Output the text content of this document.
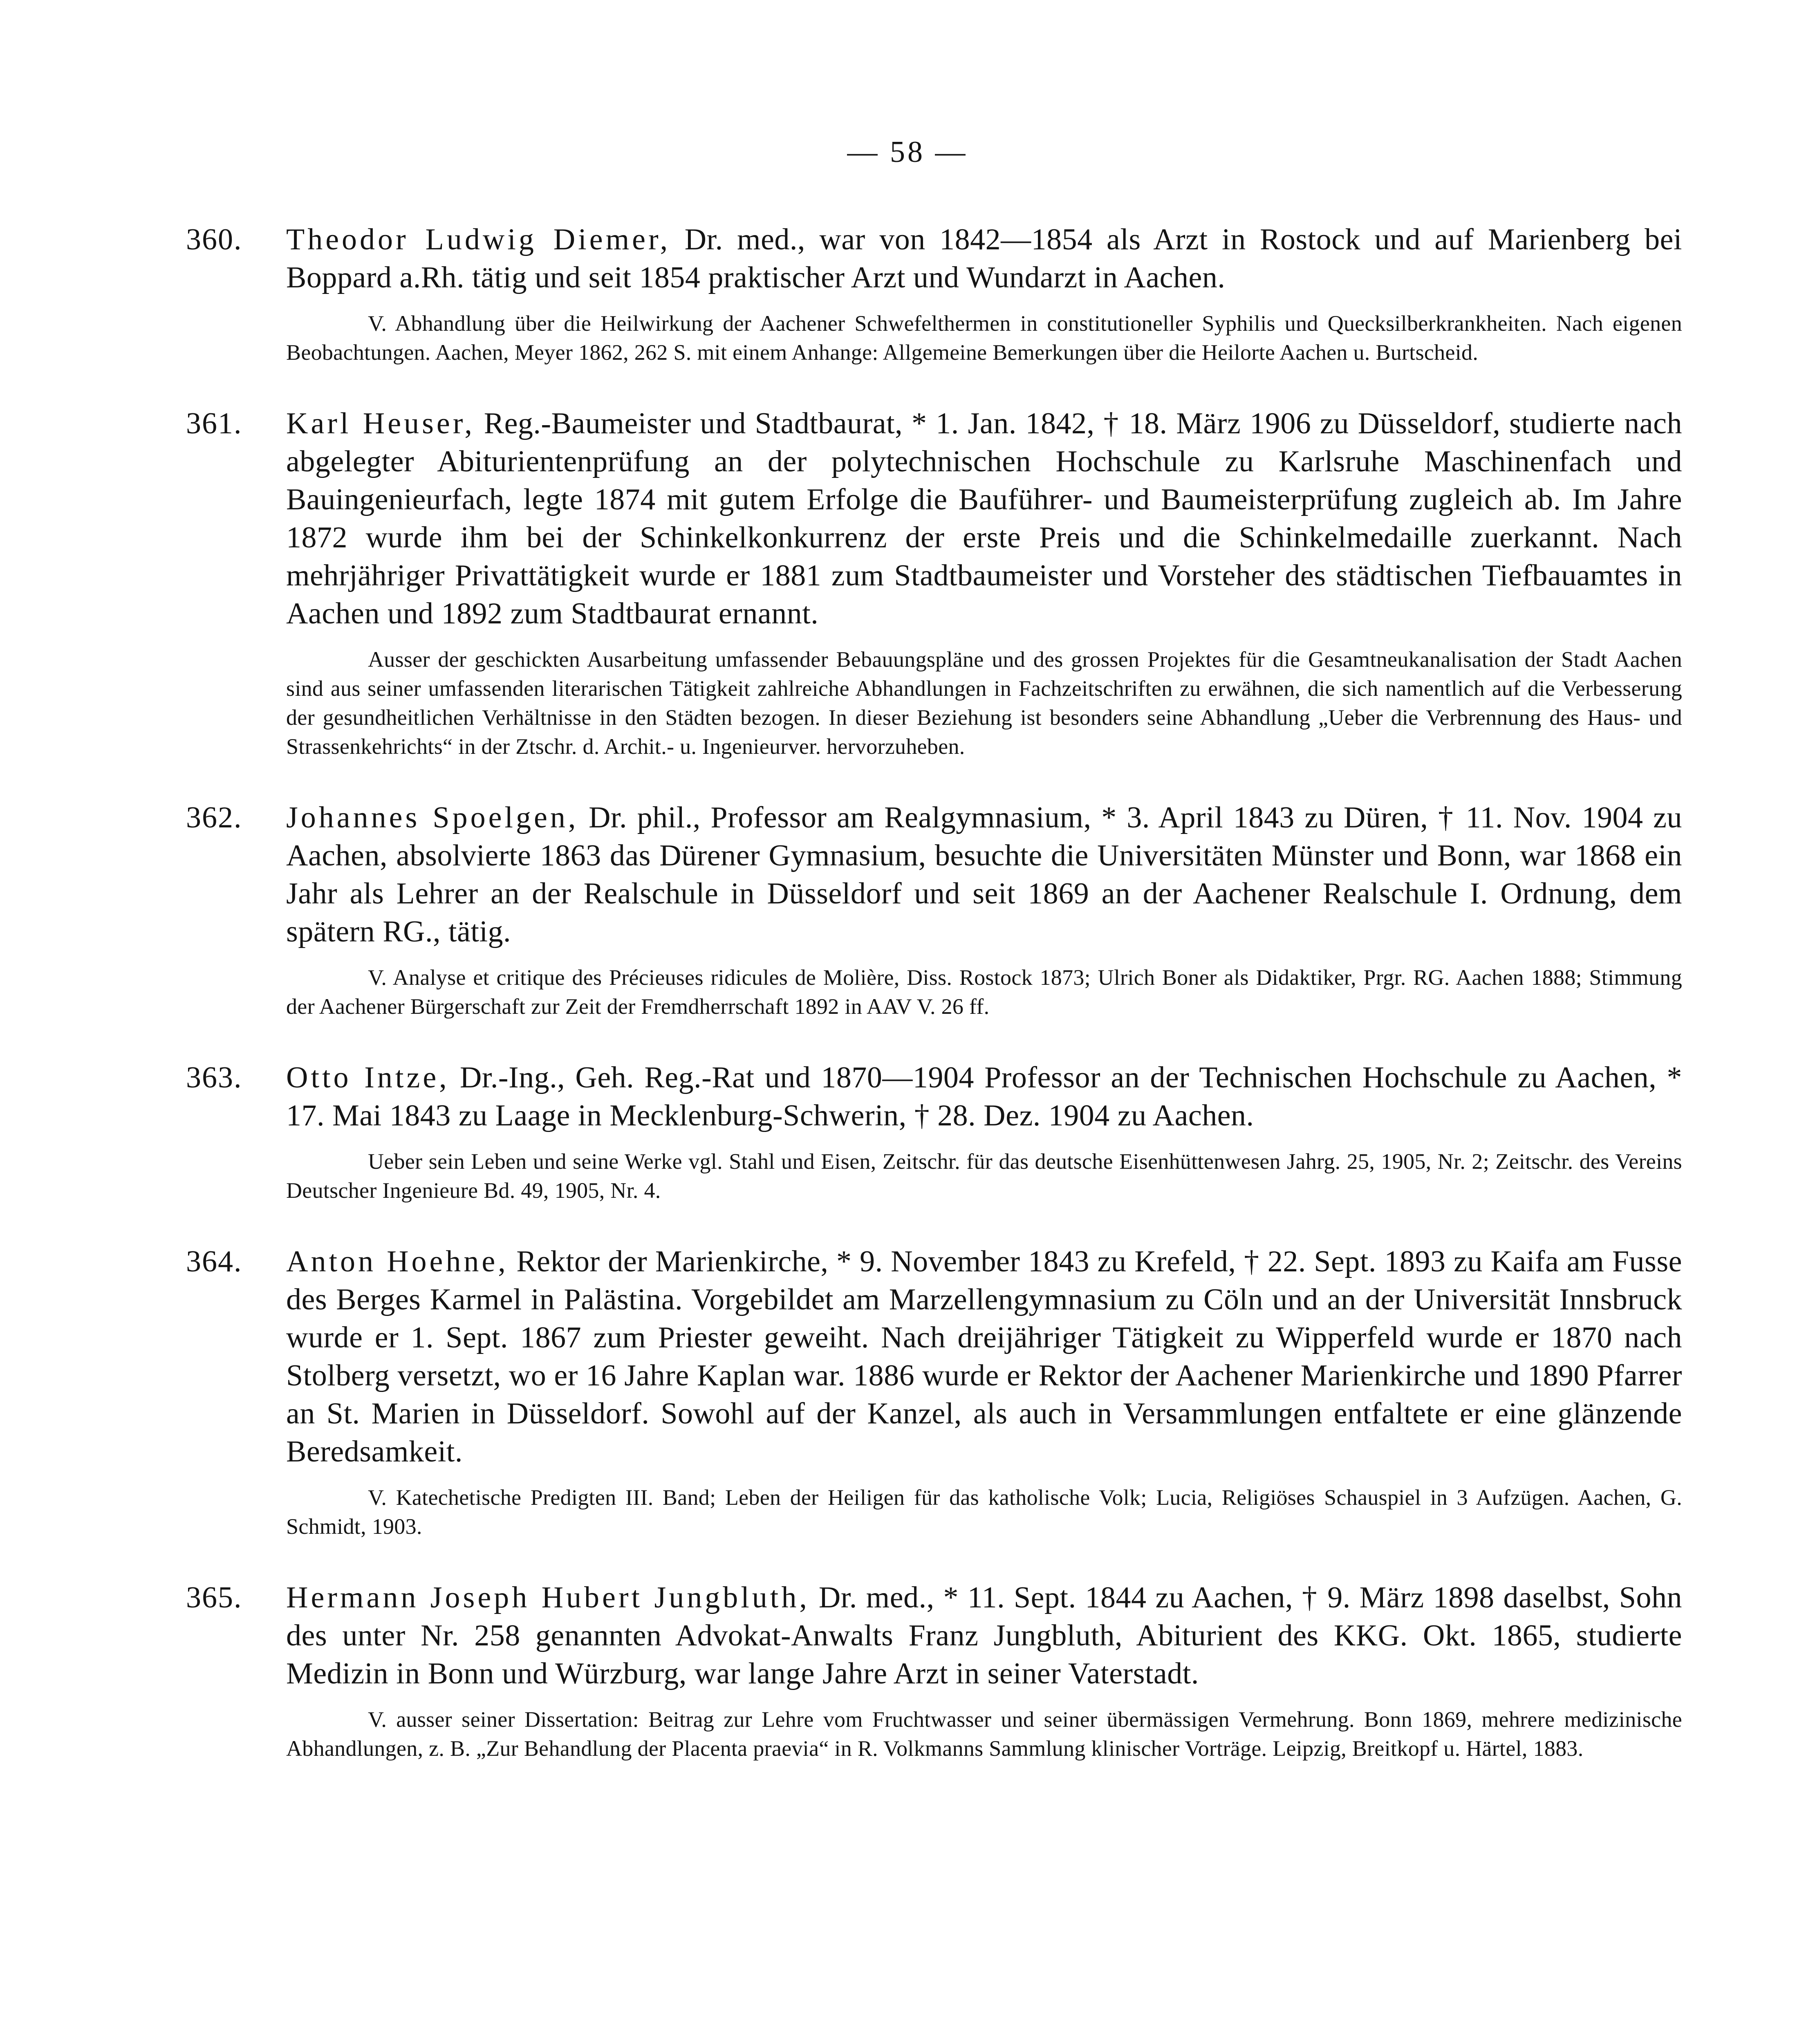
— 58 —
360.	Theodor Ludwig Diemer, Dr. med., war von 1842—1854 als Arzt in Rostock und auf Marienberg bei Boppard a.Rh. tätig und seit 1854 praktischer Arzt und Wundarzt in Aachen.

V. Abhandlung über die Heilwirkung der Aachener Schwefelthermen in constitutioneller Syphilis und Quecksilberkrankheiten. Nach eigenen Beobachtungen. Aachen, Meyer 1862, 262 S. mit einem Anhange: Allgemeine Bemerkungen über die Heilorte Aachen u. Burtscheid.

361.	Karl Heuser, Reg.-Baumeister und Stadtbaurat, * 1. Jan. 1842, † 18. März 1906 zu Düsseldorf, studierte nach abgelegter Abiturientenprüfung an der polytechnischen Hochschule zu Karlsruhe Maschinenfach und Bauingenieurfach, legte 1874 mit gutem Erfolge die Bauführer- und Baumeisterprüfung zugleich ab. Im Jahre 1872 wurde ihm bei der Schinkelkonkurrenz der erste Preis und die Schinkelmedaille zuerkannt. Nach mehrjähriger Privattätigkeit wurde er 1881 zum Stadtbaumeister und Vorsteher des städtischen Tiefbauamtes in Aachen und 1892 zum Stadtbaurat ernannt.

Ausser der geschickten Ausarbeitung umfassender Bebauungspläne und des grossen Projektes für die Gesamtneukanalisation der Stadt Aachen sind aus seiner umfassenden literarischen Tätigkeit zahlreiche Abhandlungen in Fachzeitschriften zu erwähnen, die sich namentlich auf die Verbesserung der gesundheitlichen Verhältnisse in den Städten bezogen. In dieser Beziehung ist besonders seine Abhandlung „Ueber die Verbrennung des Haus- und Strassenkehrichts“ in der Ztschr. d. Archit.- u. Ingenieurver. hervorzuheben.

362.	Johannes Spoelgen, Dr. phil., Professor am Realgymnasium, * 3. April 1843 zu Düren, † 11. Nov. 1904 zu Aachen, absolvierte 1863 das Dürener Gymnasium, besuchte die Universitäten Münster und Bonn, war 1868 ein Jahr als Lehrer an der Realschule in Düsseldorf und seit 1869 an der Aachener Realschule I. Ordnung, dem spätern RG., tätig.

V. Analyse et critique des Précieuses ridicules de Molière, Diss. Rostock 1873; Ulrich Boner als Didaktiker, Prgr. RG. Aachen 1888; Stimmung der Aachener Bürgerschaft zur Zeit der Fremdherrschaft 1892 in AAV V. 26 ff.

363.	Otto Intze, Dr.-Ing., Geh. Reg.-Rat und 1870—1904 Professor an der Technischen Hochschule zu Aachen, * 17. Mai 1843 zu Laage in Mecklenburg-Schwerin, † 28. Dez. 1904 zu Aachen.

Ueber sein Leben und seine Werke vgl. Stahl und Eisen, Zeitschr. für das deutsche Eisenhüttenwesen Jahrg. 25, 1905, Nr. 2; Zeitschr. des Vereins Deutscher Ingenieure Bd. 49, 1905, Nr. 4.

364.	Anton Hoehne, Rektor der Marienkirche, * 9. November 1843 zu Krefeld, † 22. Sept. 1893 zu Kaifa am Fusse des Berges Karmel in Palästina. Vorgebildet am Marzellengymnasium zu Cöln und an der Universität Innsbruck wurde er 1. Sept. 1867 zum Priester geweiht. Nach dreijähriger Tätigkeit zu Wipperfeld wurde er 1870 nach Stolberg versetzt, wo er 16 Jahre Kaplan war. 1886 wurde er Rektor der Aachener Marienkirche und 1890 Pfarrer an St. Marien in Düsseldorf. Sowohl auf der Kanzel, als auch in Versammlungen entfaltete er eine glänzende Beredsamkeit.

V. Katechetische Predigten III. Band; Leben der Heiligen für das katholische Volk; Lucia, Religiöses Schauspiel in 3 Aufzügen. Aachen, G. Schmidt, 1903.

365.	Hermann Joseph Hubert Jungbluth, Dr. med., * 11. Sept. 1844 zu Aachen, † 9. März 1898 daselbst, Sohn des unter Nr. 258 genannten Advokat-Anwalts Franz Jungbluth, Abiturient des KKG. Okt. 1865, studierte Medizin in Bonn und Würzburg, war lange Jahre Arzt in seiner Vaterstadt.

V. ausser seiner Dissertation: Beitrag zur Lehre vom Fruchtwasser und seiner übermässigen Vermehrung. Bonn 1869, mehrere medizinische Abhandlungen, z. B. „Zur Behandlung der Placenta praevia“ in R. Volkmanns Sammlung klinischer Vorträge. Leipzig, Breitkopf u. Härtel, 1883.
